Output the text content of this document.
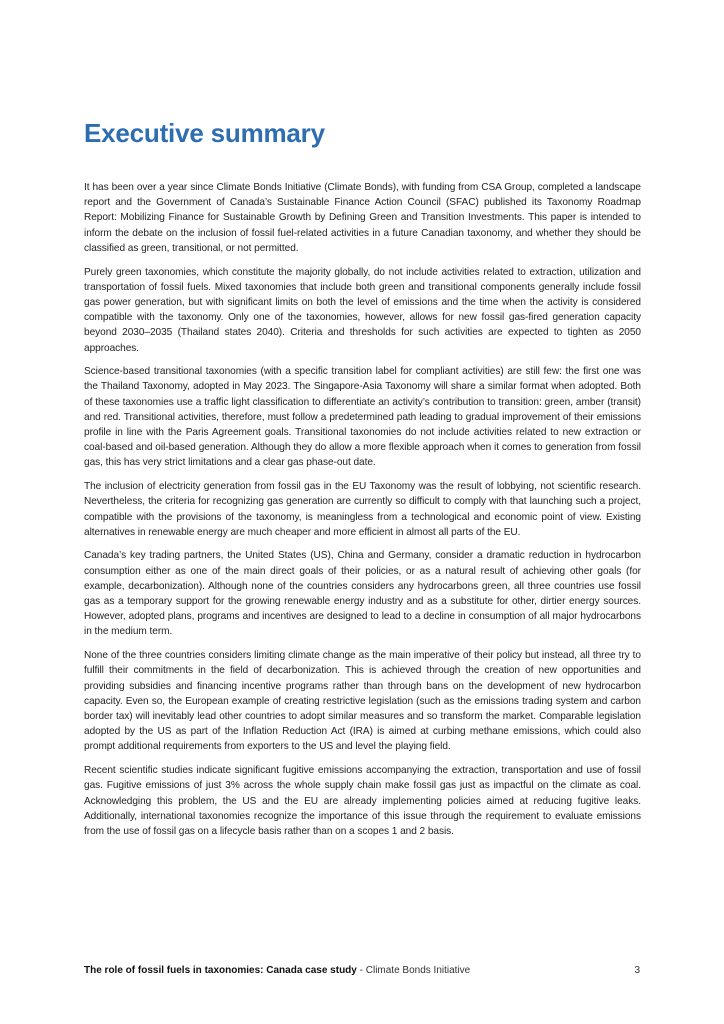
Executive summary

It has been over a year since Climate Bonds Initiative (Climate Bonds), with funding from CSA Group, completed a landscape report and the Government of Canada’s Sustainable Finance Action Council (SFAC) published its Taxonomy Roadmap Report: Mobilizing Finance for Sustainable Growth by Defining Green and Transition Investments. This paper is intended to inform the debate on the inclusion of fossil fuel-related activities in a future Canadian taxonomy, and whether they should be classified as green, transitional, or not permitted.

Purely green taxonomies, which constitute the majority globally, do not include activities related to extraction, utilization and transportation of fossil fuels. Mixed taxonomies that include both green and transitional components generally include fossil gas power generation, but with significant limits on both the level of emissions and the time when the activity is considered compatible with the taxonomy. Only one of the taxonomies, however, allows for new fossil gas-fired generation capacity beyond 2030–2035 (Thailand states 2040). Criteria and thresholds for such activities are expected to tighten as 2050 approaches.

Science-based transitional taxonomies (with a specific transition label for compliant activities) are still few: the first one was the Thailand Taxonomy, adopted in May 2023. The Singapore-Asia Taxonomy will share a similar format when adopted. Both of these taxonomies use a traffic light classification to differentiate an activity’s contribution to transition: green, amber (transit) and red. Transitional activities, therefore, must follow a predetermined path leading to gradual improvement of their emissions profile in line with the Paris Agreement goals. Transitional taxonomies do not include activities related to new extraction or coal-based and oil-based generation. Although they do allow a more flexible approach when it comes to generation from fossil gas, this has very strict limitations and a clear gas phase-out date.

The inclusion of electricity generation from fossil gas in the EU Taxonomy was the result of lobbying, not scientific research. Nevertheless, the criteria for recognizing gas generation are currently so difficult to comply with that launching such a project, compatible with the provisions of the taxonomy, is meaningless from a technological and economic point of view. Existing alternatives in renewable energy are much cheaper and more efficient in almost all parts of the EU.

Canada’s key trading partners, the United States (US), China and Germany, consider a dramatic reduction in hydrocarbon consumption either as one of the main direct goals of their policies, or as a natural result of achieving other goals (for example, decarbonization). Although none of the countries considers any hydrocarbons green, all three countries use fossil gas as a temporary support for the growing renewable energy industry and as a substitute for other, dirtier energy sources. However, adopted plans, programs and incentives are designed to lead to a decline in consumption of all major hydrocarbons in the medium term.

None of the three countries considers limiting climate change as the main imperative of their policy but instead, all three try to fulfill their commitments in the field of decarbonization. This is achieved through the creation of new opportunities and providing subsidies and financing incentive programs rather than through bans on the development of new hydrocarbon capacity. Even so, the European example of creating restrictive legislation (such as the emissions trading system and carbon border tax) will inevitably lead other countries to adopt similar measures and so transform the market. Comparable legislation adopted by the US as part of the Inflation Reduction Act (IRA) is aimed at curbing methane emissions, which could also prompt additional requirements from exporters to the US and level the playing field.

Recent scientific studies indicate significant fugitive emissions accompanying the extraction, transportation and use of fossil gas. Fugitive emissions of just 3% across the whole supply chain make fossil gas just as impactful on the climate as coal. Acknowledging this problem, the US and the EU are already implementing policies aimed at reducing fugitive leaks. Additionally, international taxonomies recognize the importance of this issue through the requirement to evaluate emissions from the use of fossil gas on a lifecycle basis rather than on a scopes 1 and 2 basis.

The role of fossil fuels in taxonomies: Canada case study - Climate Bonds Initiative	3
